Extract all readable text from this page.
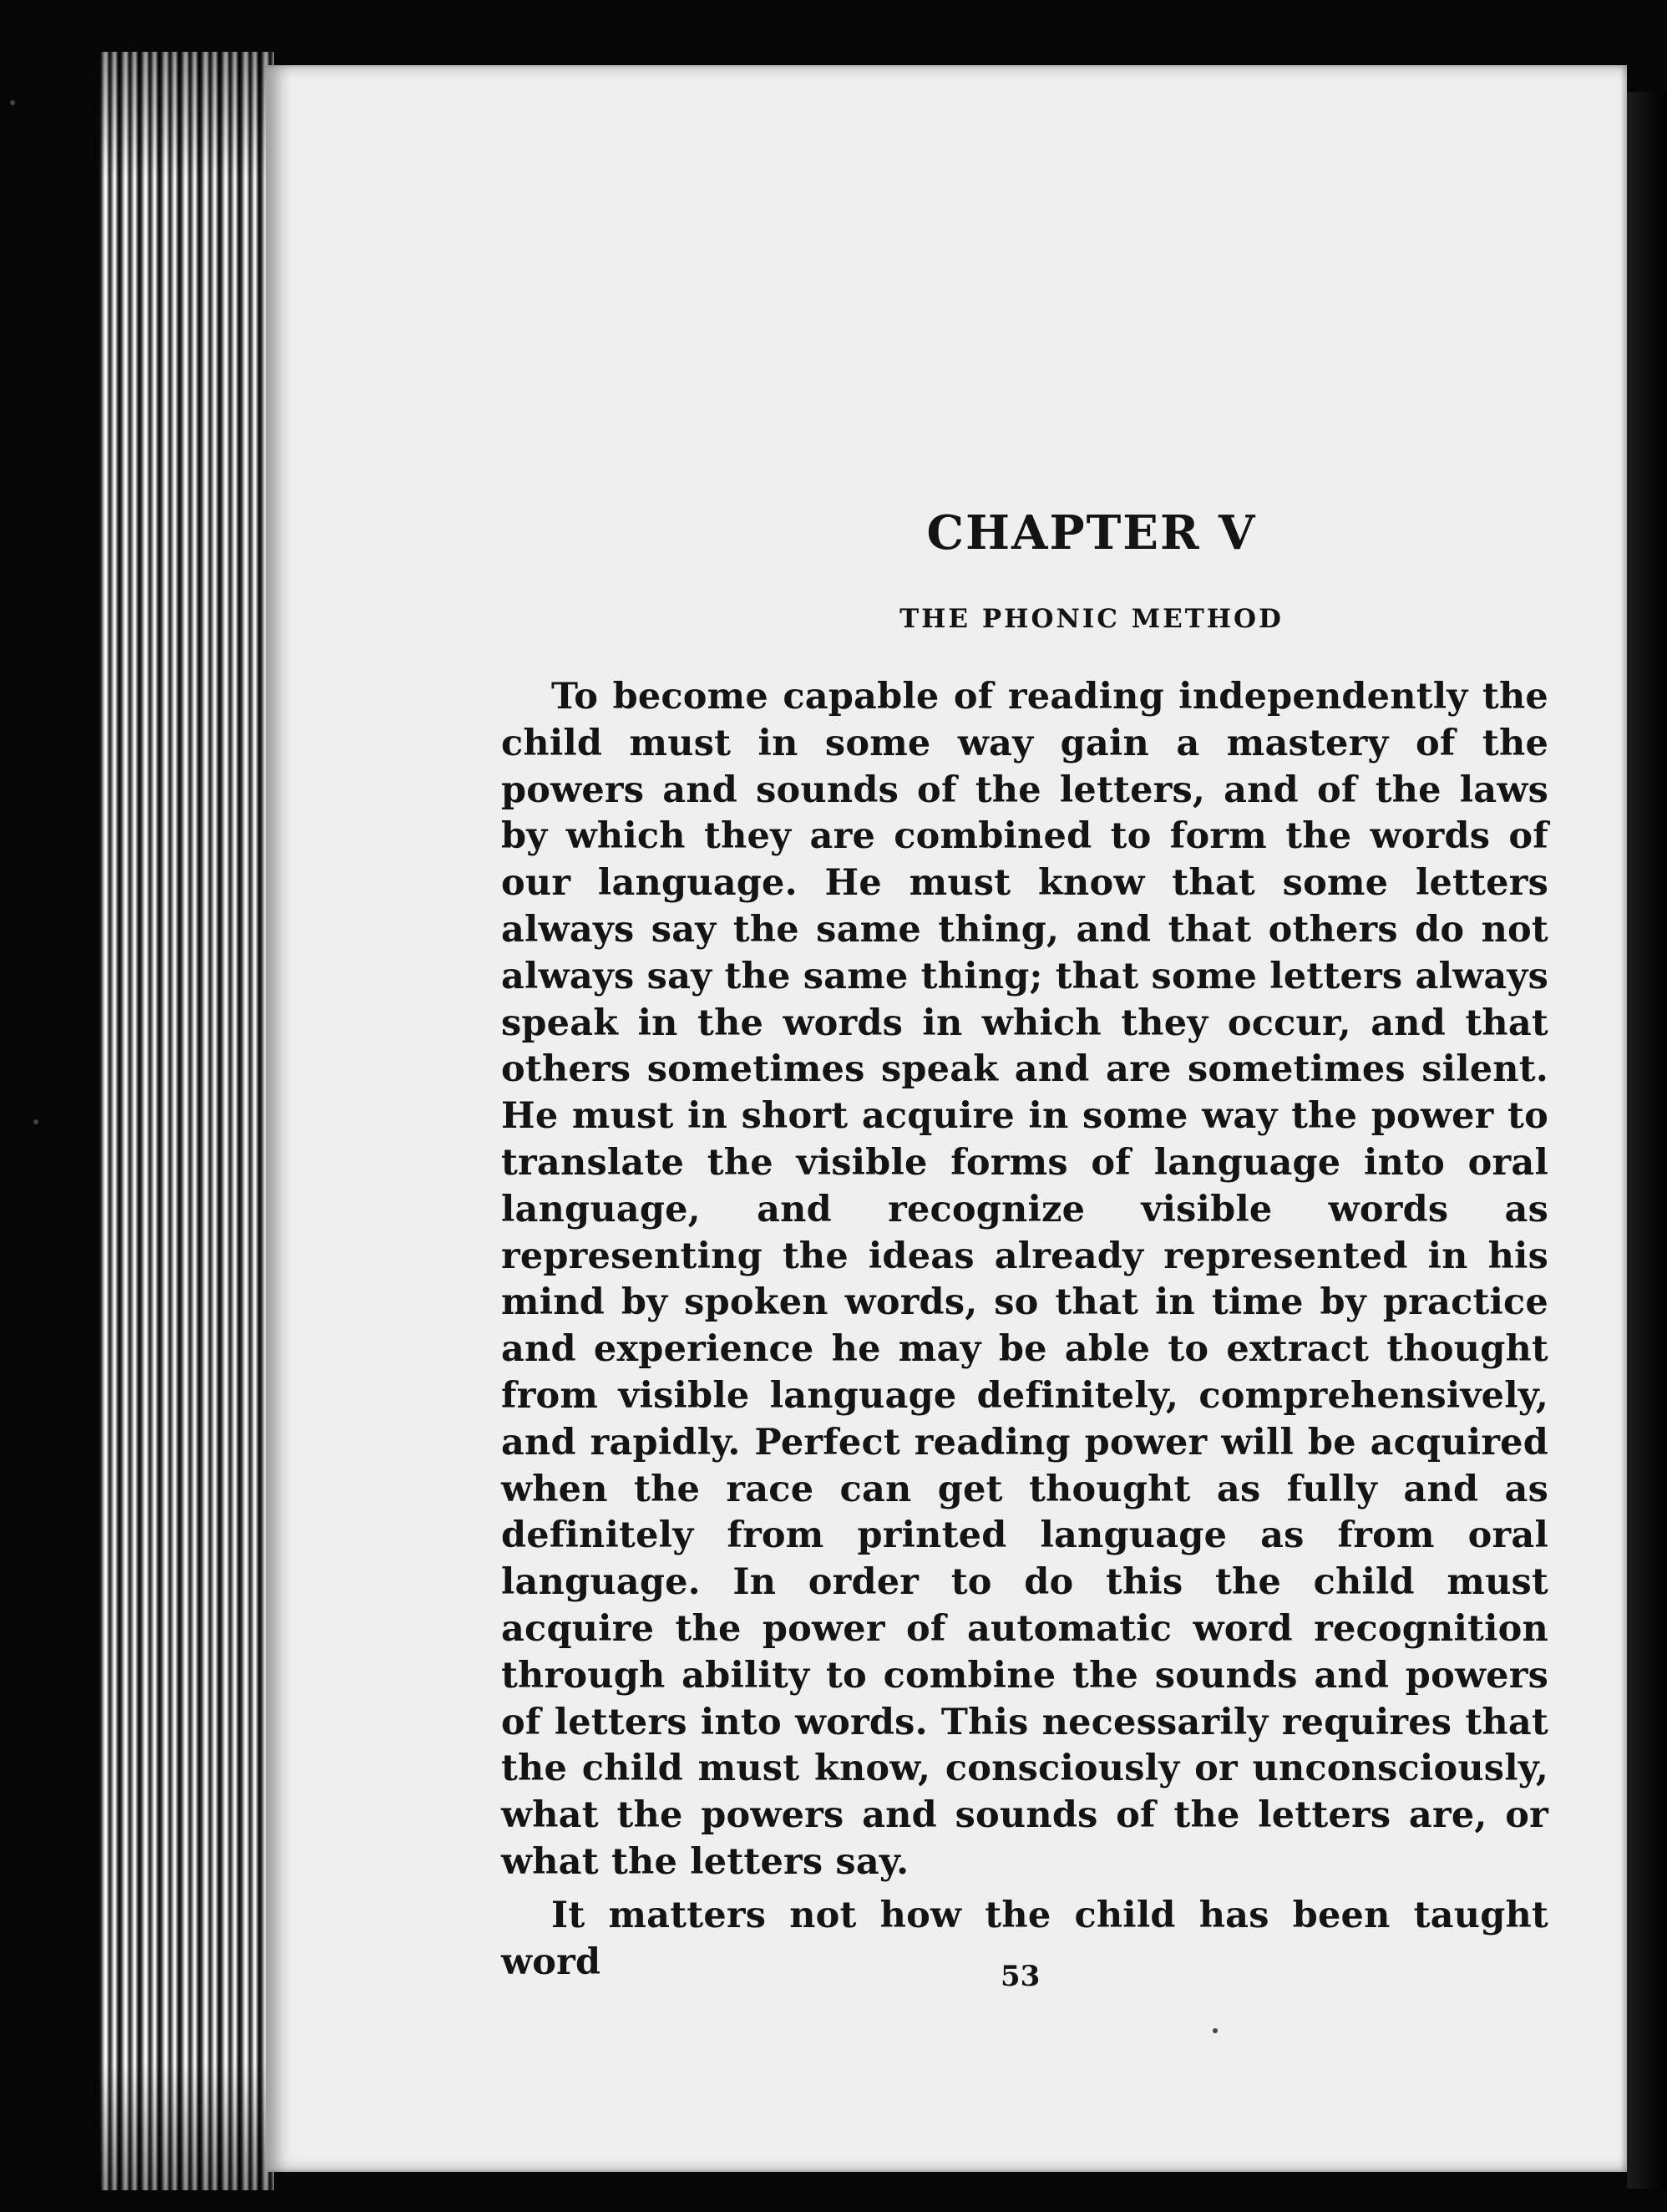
CHAPTER V
THE PHONIC METHOD

To become capable of reading independently the child must in some way gain a mastery of the powers and sounds of the letters, and of the laws by which they are combined to form the words of our language. He must know that some letters always say the same thing, and that others do not always say the same thing; that some letters always speak in the words in which they occur, and that others sometimes speak and are sometimes silent. He must in short acquire in some way the power to translate the visible forms of language into oral language, and recognize visible words as representing the ideas already represented in his mind by spoken words, so that in time by practice and experience he may be able to extract thought from visible language definitely, comprehensively, and rapidly. Perfect reading power will be acquired when the race can get thought as fully and as definitely from printed language as from oral language. In order to do this the child must acquire the power of automatic word recognition through ability to combine the sounds and powers of letters into words. This necessarily requires that the child must know, consciously or unconsciously, what the powers and sounds of the letters are, or what the letters say.

It matters not how the child has been taught word	53
